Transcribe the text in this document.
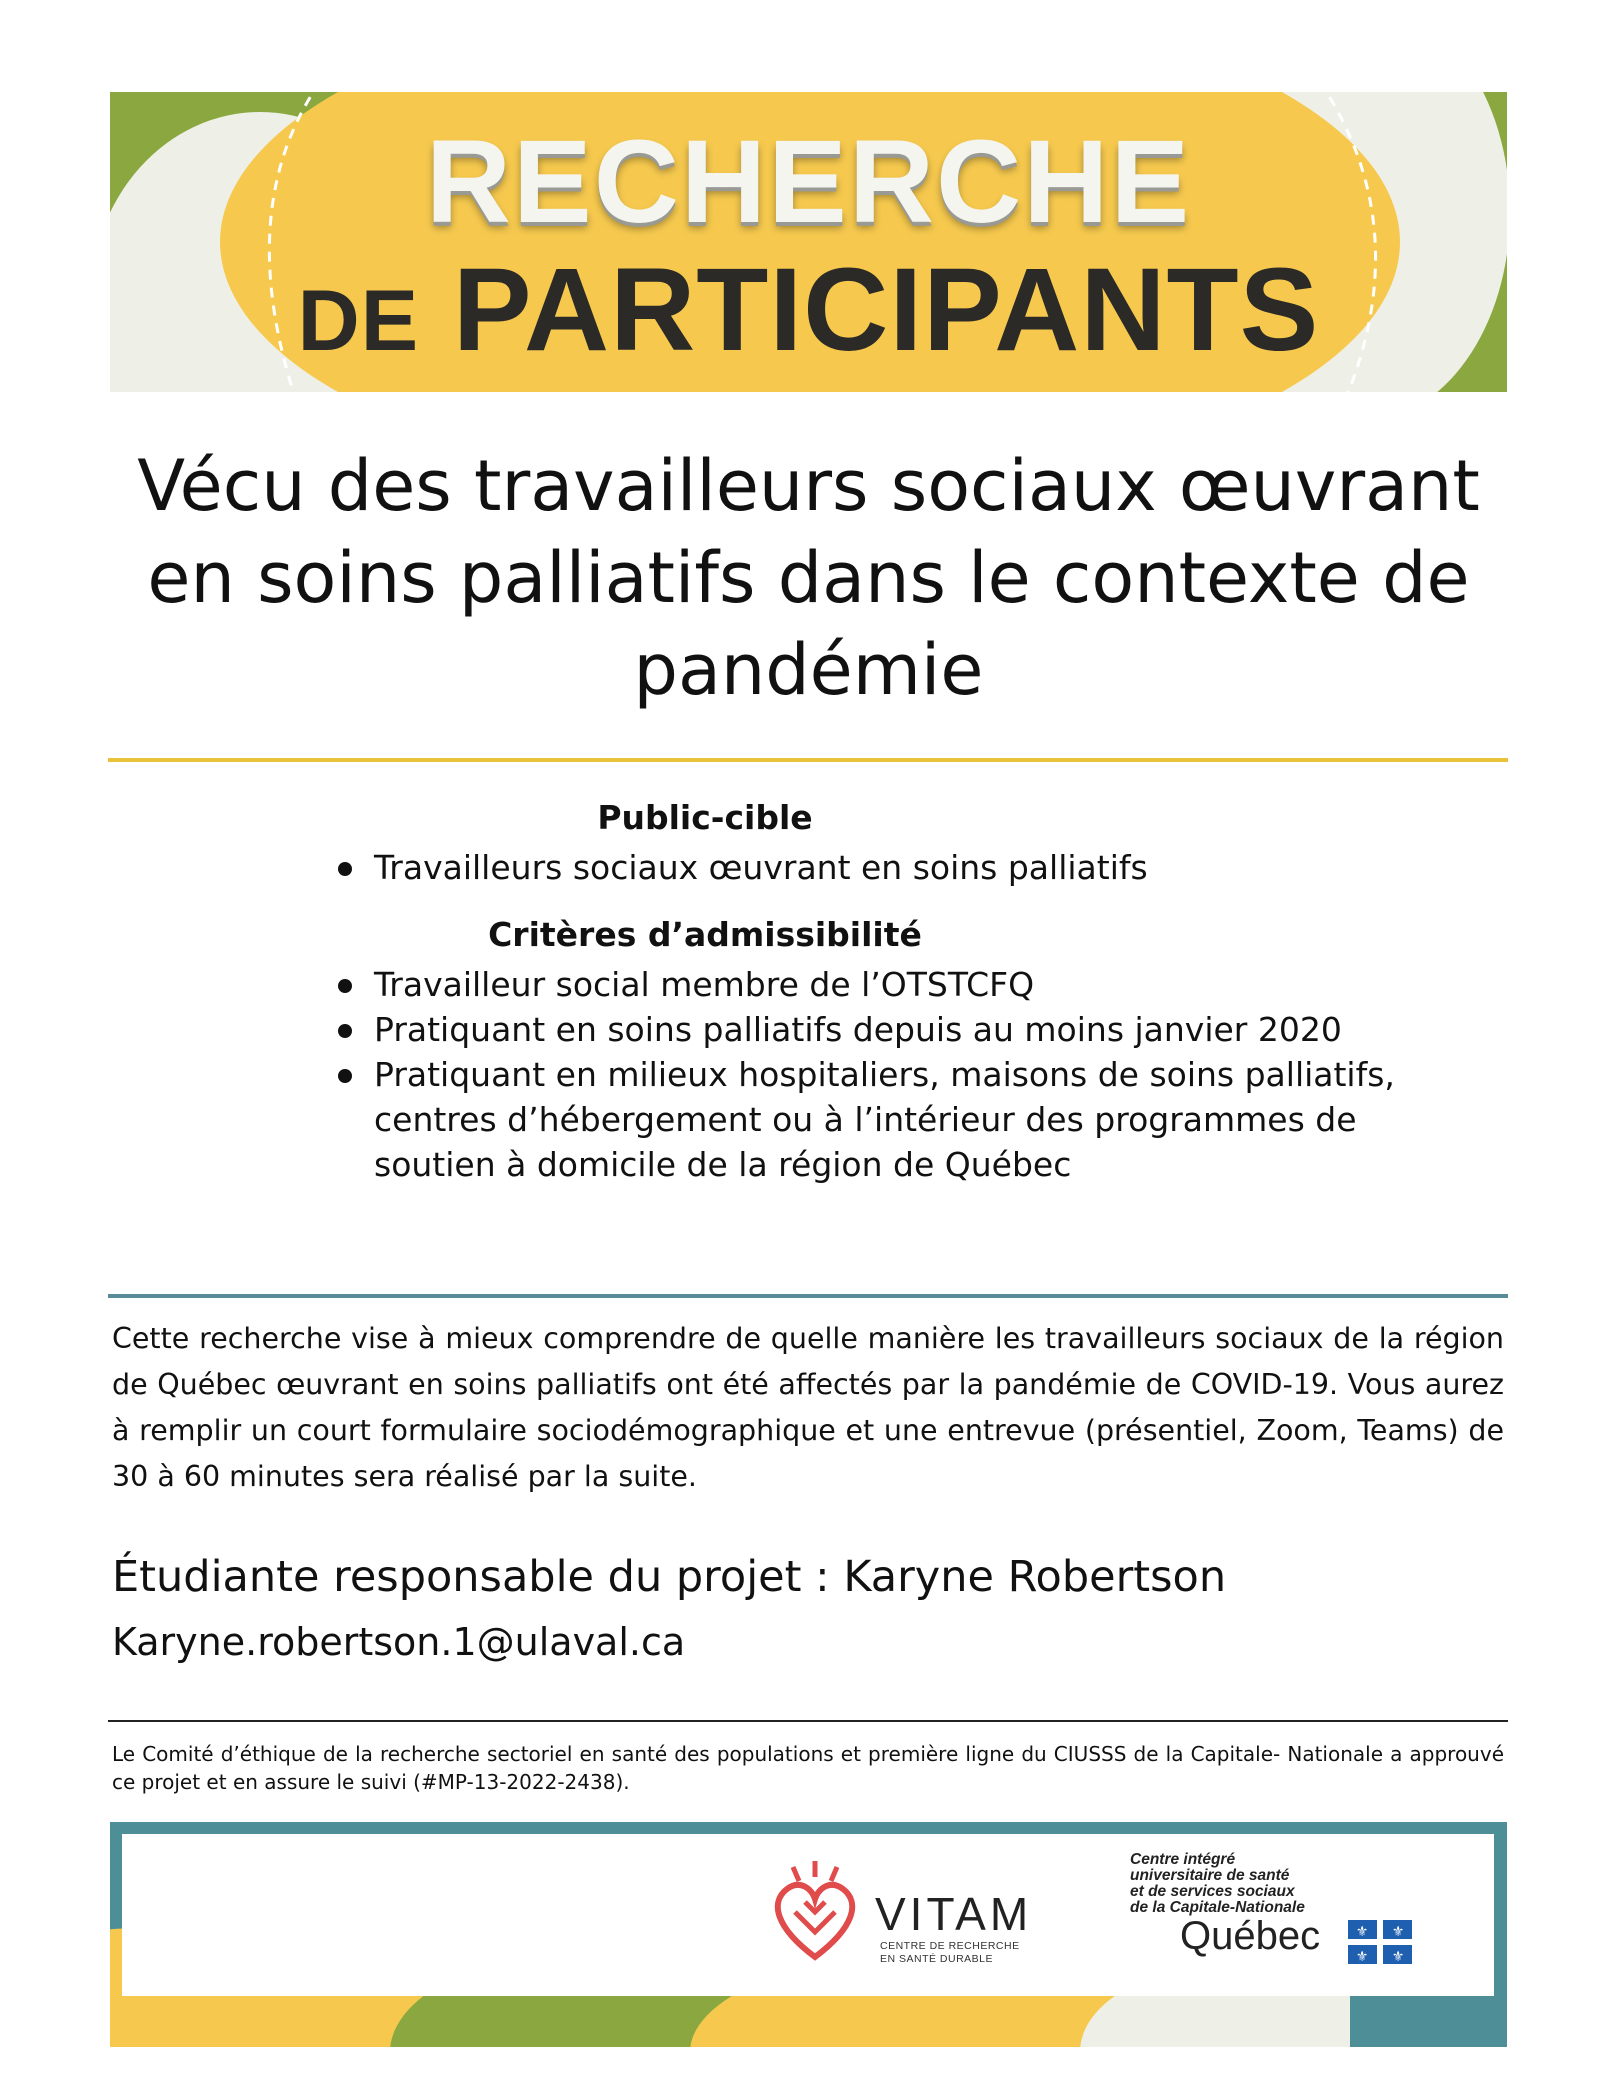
RECHERCHE
DE PARTICIPANTS
Vécu des travailleurs sociaux œuvrant
en soins palliatifs dans le contexte de
pandémie
Public-cible
Travailleurs sociaux œuvrant en soins palliatifs
Critères d’admissibilité
Travailleur social membre de l’OTSTCFQ
Pratiquant en soins palliatifs depuis au moins janvier 2020
Pratiquant en milieux hospitaliers, maisons de soins palliatifs, centres d’hébergement ou à l’intérieur des programmes de soutien à domicile de la région de Québec
Cette recherche vise à mieux comprendre de quelle manière les travailleurs sociaux de la région de Québec œuvrant en soins palliatifs ont été affectés par la pandémie de COVID-19. Vous aurez à remplir un court formulaire sociodémographique et une entrevue (présentiel, Zoom, Teams) de 30 à 60 minutes sera réalisé par la suite.
Étudiante responsable du projet : Karyne Robertson
Karyne.robertson.1@ulaval.ca
Le Comité d’éthique de la recherche sectoriel en santé des populations et première ligne du CIUSSS de la Capitale- Nationale a approuvé ce projet et en assure le suivi (#MP-13-2022-2438).
VITAM
CENTRE DE RECHERCHE
EN SANTÉ DURABLE
Centre intégré
universitaire de santé
et de services sociaux
de la Capitale-Nationale
Québec	⚜ ⚜
⚜ ⚜
